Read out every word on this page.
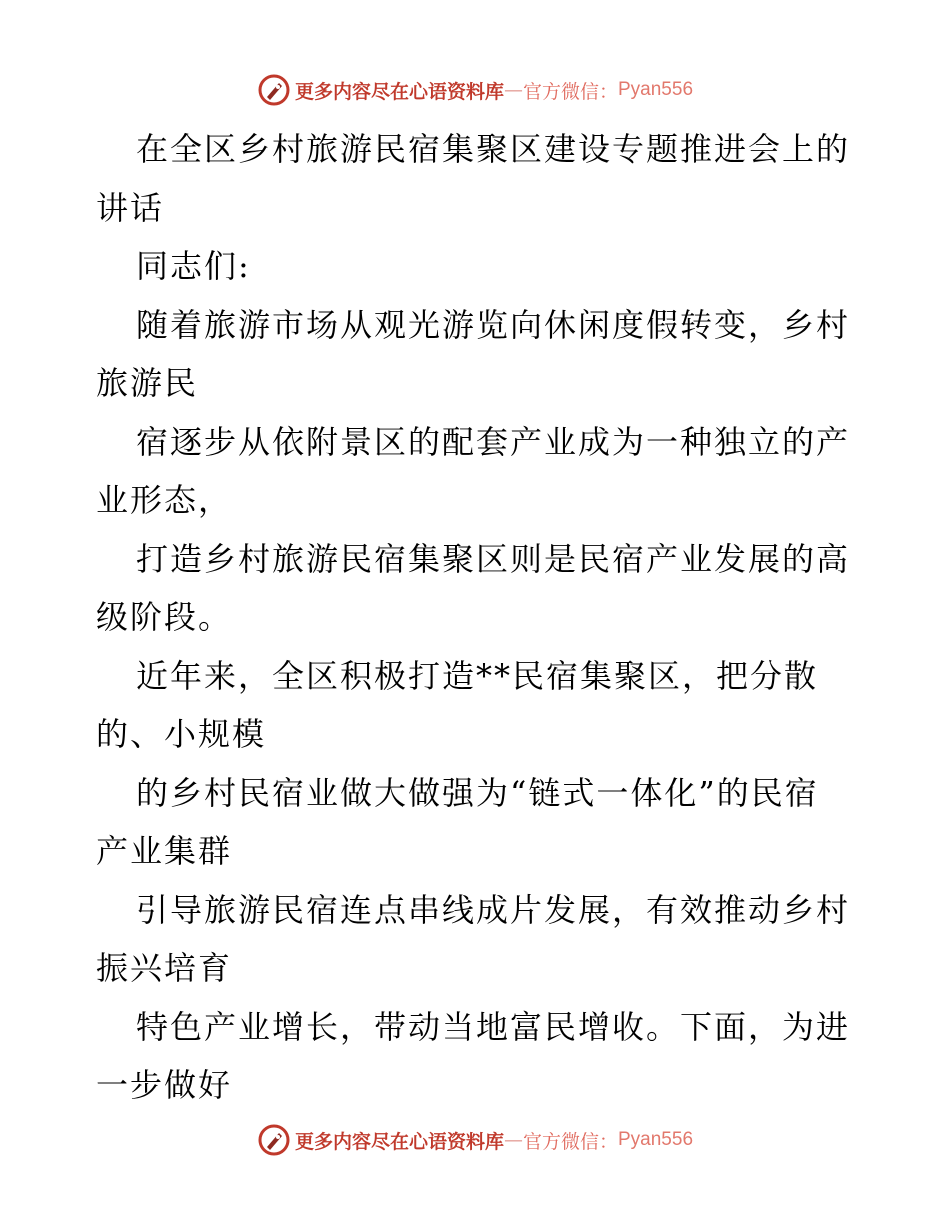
更多内容尽在心语资料库 — 官方微信： Pyan556
在全区乡村旅游民宿集聚区建设专题推进会上的
讲话
同志们:
随着旅游市场从观光游览向休闲度假转变，乡村
旅游民
宿逐步从依附景区的配套产业成为一种独立的产
业形态，
打造乡村旅游民宿集聚区则是民宿产业发展的高
级阶段。
近年来，全区积极打造**民宿集聚区，把分散
的、小规模
的乡村民宿业做大做强为“链式一体化”的民宿
产业集群
引导旅游民宿连点串线成片发展，有效推动乡村
振兴培育
特色产业增长，带动当地富民增收。下面，为进
一步做好
更多内容尽在心语资料库 — 官方微信： Pyan556
